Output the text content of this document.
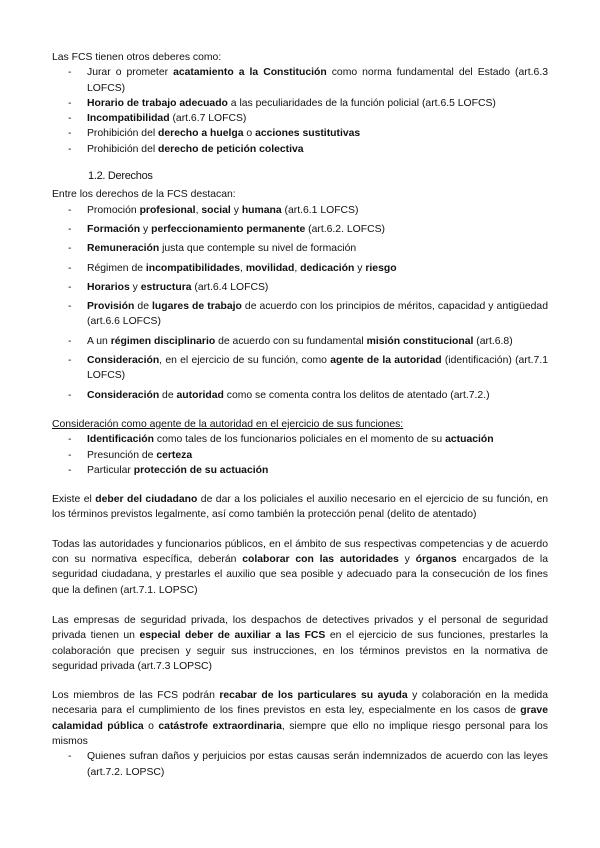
Las FCS tienen otros deberes como:

- Jurar o prometer acatamiento a la Constitución como norma fundamental del Estado (art.6.3 LOFCS)
- Horario de trabajo adecuado a las peculiaridades de la función policial (art.6.5 LOFCS)
- Incompatibilidad (art.6.7 LOFCS)
- Prohibición del derecho a huelga o acciones sustitutivas
- Prohibición del derecho de petición colectiva

1.2. Derechos

Entre los derechos de la FCS destacan:

- Promoción profesional, social y humana (art.6.1 LOFCS)
- Formación y perfeccionamiento permanente (art.6.2. LOFCS)
- Remuneración justa que contemple su nivel de formación
- Régimen de incompatibilidades, movilidad, dedicación y riesgo
- Horarios y estructura (art.6.4 LOFCS)
- Provisión de lugares de trabajo de acuerdo con los principios de méritos, capacidad y antigüedad (art.6.6 LOFCS)
- A un régimen disciplinario de acuerdo con su fundamental misión constitucional (art.6.8)
- Consideración, en el ejercicio de su función, como agente de la autoridad (identificación) (art.7.1 LOFCS)
- Consideración de autoridad como se comenta contra los delitos de atentado (art.7.2.)

Consideración como agente de la autoridad en el ejercicio de sus funciones:

- Identificación como tales de los funcionarios policiales en el momento de su actuación
- Presunción de certeza
- Particular protección de su actuación

Existe el deber del ciudadano de dar a los policiales el auxilio necesario en el ejercicio de su función, en los términos previstos legalmente, así como también la protección penal (delito de atentado)

Todas las autoridades y funcionarios públicos, en el ámbito de sus respectivas competencias y de acuerdo con su normativa específica, deberán colaborar con las autoridades y órganos encargados de la seguridad ciudadana, y prestarles el auxilio que sea posible y adecuado para la consecución de los fines que la definen (art.7.1. LOPSC)

Las empresas de seguridad privada, los despachos de detectives privados y el personal de seguridad privada tienen un especial deber de auxiliar a las FCS en el ejercicio de sus funciones, prestarles la colaboración que precisen y seguir sus instrucciones, en los términos previstos en la normativa de seguridad privada (art.7.3 LOPSC)

Los miembros de las FCS podrán recabar de los particulares su ayuda y colaboración en la medida necesaria para el cumplimiento de los fines previstos en esta ley, especialmente en los casos de grave calamidad pública o catástrofe extraordinaria, siempre que ello no implique riesgo personal para los mismos

- Quienes sufran daños y perjuicios por estas causas serán indemnizados de acuerdo con las leyes (art.7.2. LOPSC)
